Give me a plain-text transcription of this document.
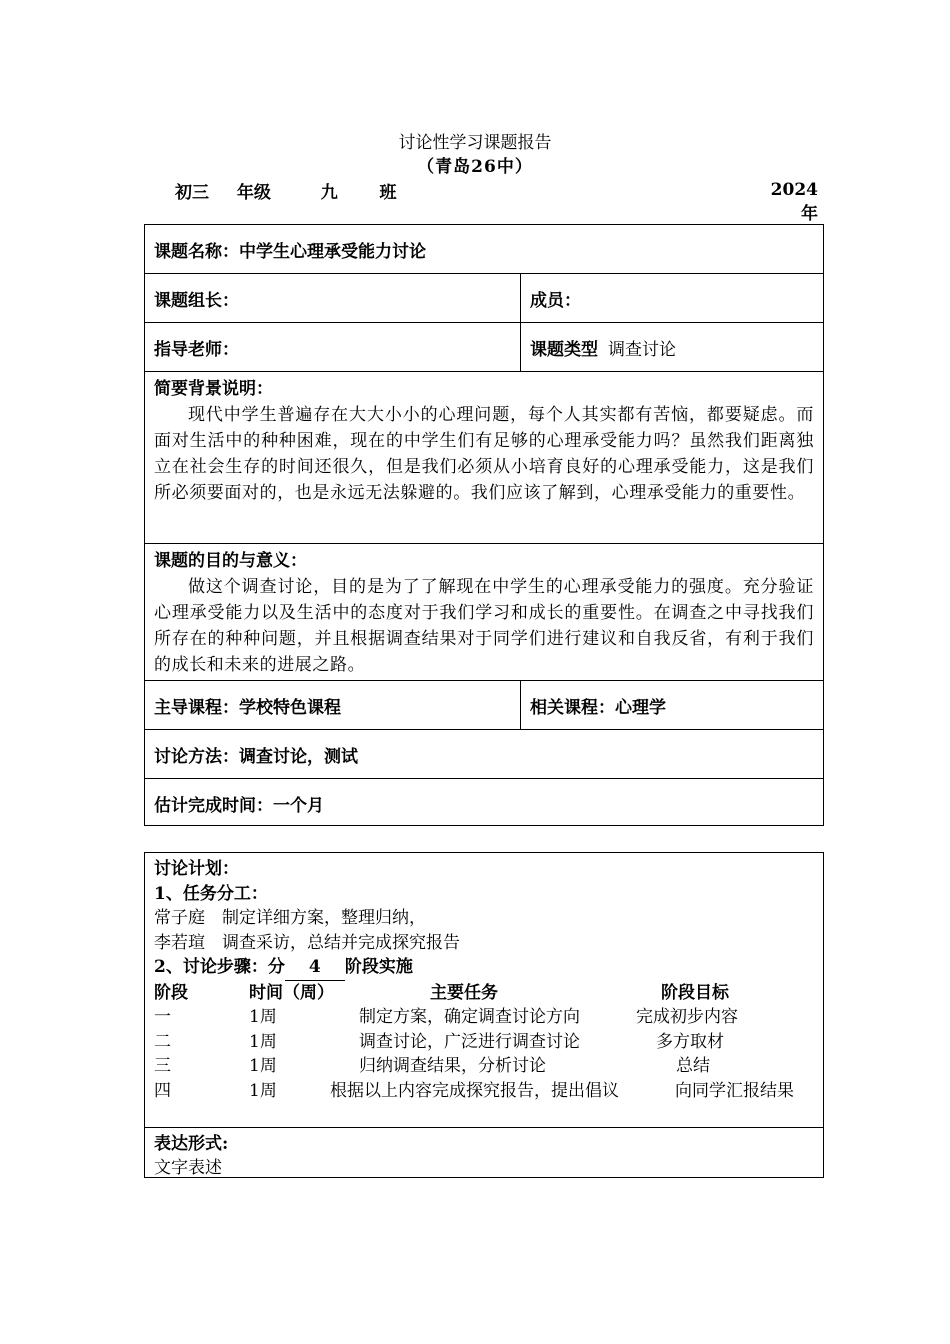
讨论性学习课题报告
（青岛26中）
初三 年级	九 班	2024
年
课题名称：中学生心理承受能力讨论
课题组长：	成员：
指导老师：	课题类型 调查讨论
简要背景说明：
现代中学生普遍存在大大小小的心理问题，每个人其实都有苦恼，都要疑虑。而面对生活中的种种困难，现在的中学生们有足够的心理承受能力吗？虽然我们距离独立在社会生存的时间还很久，但是我们必须从小培育良好的心理承受能力，这是我们所必须要面对的，也是永远无法躲避的。我们应该了解到，心理承受能力的重要性。
课题的目的与意义：
做这个调查讨论，目的是为了了解现在中学生的心理承受能力的强度。充分验证心理承受能力以及生活中的态度对于我们学习和成长的重要性。在调查之中寻找我们所存在的种种问题，并且根据调查结果对于同学们进行建议和自我反省，有利于我们的成长和未来的进展之路。
主导课程：学校特色课程	相关课程：心理学
讨论方法：调查讨论，测试
估计完成时间：一个月
讨论计划：
1、任务分工：
常子庭　制定详细方案，整理归纳，
李若瑄　调查采访，总结并完成探究报告
2、讨论步骤：分 4 阶段实施
阶段	时间（周）	主要任务	阶段目标
一	1周	制定方案，确定调查讨论方向	完成初步内容
二	1周	调查讨论，广泛进行调查讨论	多方取材
三	1周	归纳调查结果，分析讨论	总结
四	1周	根据以上内容完成探究报告，提出倡议	向同学汇报结果
表达形式:
文字表述
